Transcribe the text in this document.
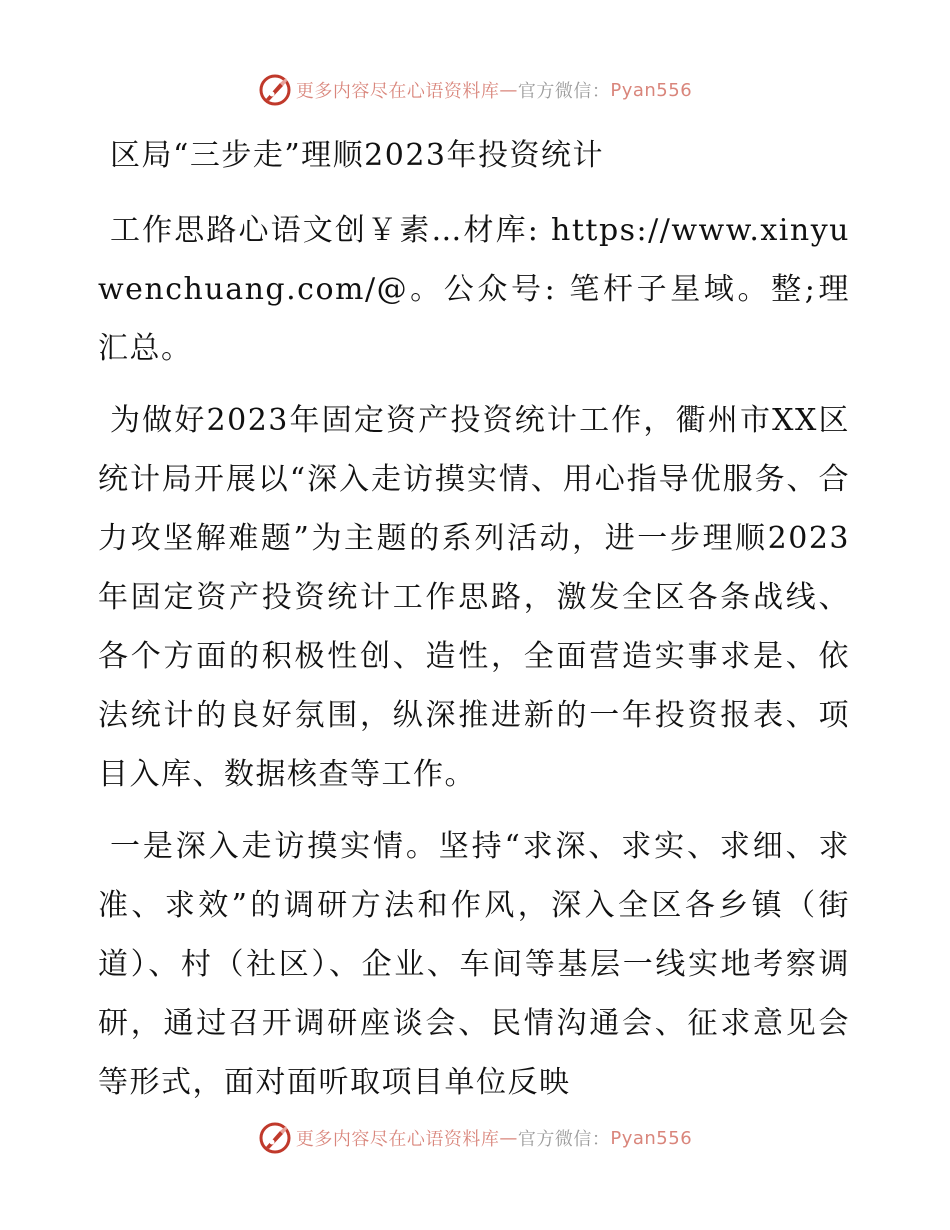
更多内容尽在心语资料库 — 官方微信： Pyan556
区局“三步走”理顺2023年投资统计

工作思路心语文创￥素…材库: https://www.xinyuwenchuang.com/@。公众号: 笔杆子星域。整;理汇总。

为做好2023年固定资产投资统计工作，衢州市XX区统计局开展以“深入走访摸实情、用心指导优服务、合力攻坚解难题”为主题的系列活动，进一步理顺2023年固定资产投资统计工作思路，激发全区各条战线、各个方面的积极性创、造性，全面营造实事求是、依法统计的良好氛围，纵深推进新的一年投资报表、项目入库、数据核查等工作。

一是深入走访摸实情。坚持“求深、求实、求细、求准、求效”的调研方法和作风，深入全区各乡镇（街道）、村（社区）、企业、车间等基层一线实地考察调研，通过召开调研座谈会、民情沟通会、征求意见会等形式，面对面听取项目单位反映

更多内容尽在心语资料库 — 官方微信： Pyan556
